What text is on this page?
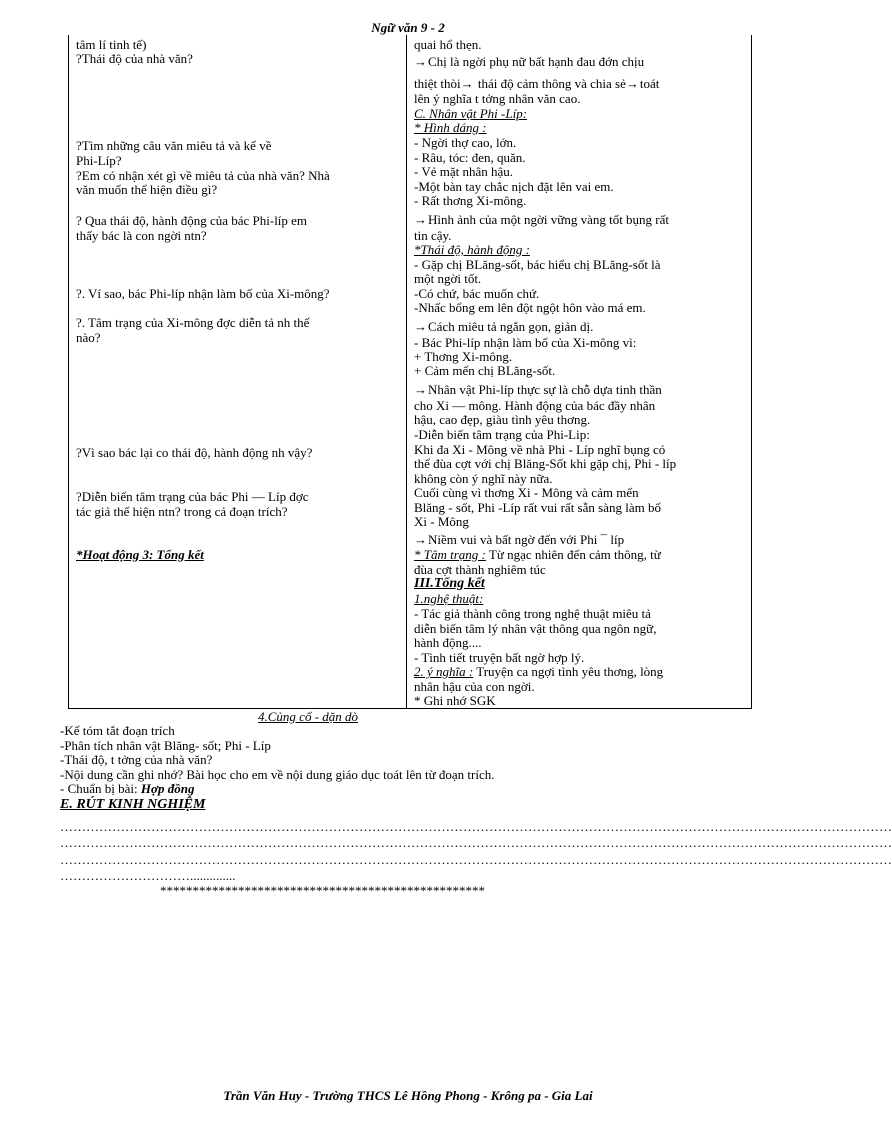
Ngữ văn 9 - 2
tâm lí tinh tế)
?Thái độ của nhà văn?
?Tìm những câu văn miêu tả và kể về
Phi-Líp?
?Em có nhận xét gì về miêu tả của nhà văn? Nhà
văn muốn thể hiện điều gì?
? Qua thái độ, hành động của bác Phi-líp em
thấy bác là con ngời ntn?
?. Ví sao, bác Phi-líp nhận làm bố của Xi-mông?
?. Tâm trạng của Xi-mông đợc diễn tả nh thế
nào?
?Vì sao bác lại co thái độ, hành động nh vậy?
?Diễn biến tâm trạng của bác Phi — Líp đợc
tác giả thể hiện ntn? trong cả đoạn trích?
*Hoạt động 3: Tổng kết
quai hổ thẹn.
→Chị là ngời phụ nữ bất hạnh đau đớn chịu
thiệt thòi→ thái độ cảm thông và chia sẻ→toát
lên ý nghĩa t tởng nhân văn cao.
C. Nhân vật Phi -Líp:
* Hình dáng :
- Ngời thợ cao, lớn.
- Râu, tóc: đen, quăn.
- Vẻ mặt nhân hậu.
-Một bàn tay chắc nịch đặt lên vai em.
- Rất thơng Xi-mông.
→Hình ảnh của một ngời vững vàng tốt bụng rất
tin cậy.
*Thái độ, hành động :
- Gặp chị BLăng-sốt, bác hiểu chị BLăng-sốt là
một ngời tốt.
-Có chứ, bác muốn chứ.
-Nhấc bổng em lên đột ngột hôn vào má em.
→Cách miêu tả ngắn gọn, giản dị.
- Bác Phi-líp nhận làm bố của Xi-mông vì:
+ Thơng Xi-mông.
+ Cảm mến chị BLăng-sốt.
→Nhân vật Phi-líp thực sự là chỗ dựa tinh thần
cho Xi — mông. Hành động của bác đầy nhân
hậu, cao đẹp, giàu tình yêu thơng.
-Diễn biến tâm trạng của Phi-Lip:
Khi đa Xi - Mông về nhà Phi - Líp nghĩ bụng có
thể đùa cợt với chị Blăng-Sốt khi gặp chị, Phi - líp
không còn ý nghĩ này nữa.
Cuối cùng vì thơng Xi - Mông và cảm mến
Blăng - sốt, Phi -Líp rất vui rất sẵn sàng làm bố
Xi - Mông
→Niềm vui và bất ngờ đến với Phi ¯ líp
* Tâm trạng : Từ ngạc nhiên đến cảm thông, từ
đùa cợt thành nghiêm túc
III.Tổng kết
1.nghệ thuật:
- Tác giả thành công trong nghệ thuật miêu tả
diễn biến tâm lý nhân vật thông qua ngôn ngữ,
hành động....
- Tình tiết truyện bất ngờ hợp lý.
2. ý nghĩa : Truyện ca ngợi tình yêu thơng, lòng
nhân hậu của con ngời.
* Ghi nhớ SGK
4.Củng cố - dặn dò
-Kể tóm tắt đoạn trích
-Phân tích nhân vật Blăng- sốt; Phi - Líp
-Thái độ, t tởng của nhà văn?
-Nội dung cần ghi nhớ? Bài học cho em về nội dung giáo dục toát lên từ đoạn trích.
- Chuẩn bị bài: Hợp đồng
E. RÚT KINH NGHIỆM
…………………………………………………………………………………………………………………………………………………………………………
…………………………………………………………………………………………………………………………………………………………………………
…………………………………………………………………………………………………………………………………………………………………………
…………………………..............
**************************************************
Trần Văn Huy - Trường THCS Lê Hồng Phong - Krông pa - Gia Lai
